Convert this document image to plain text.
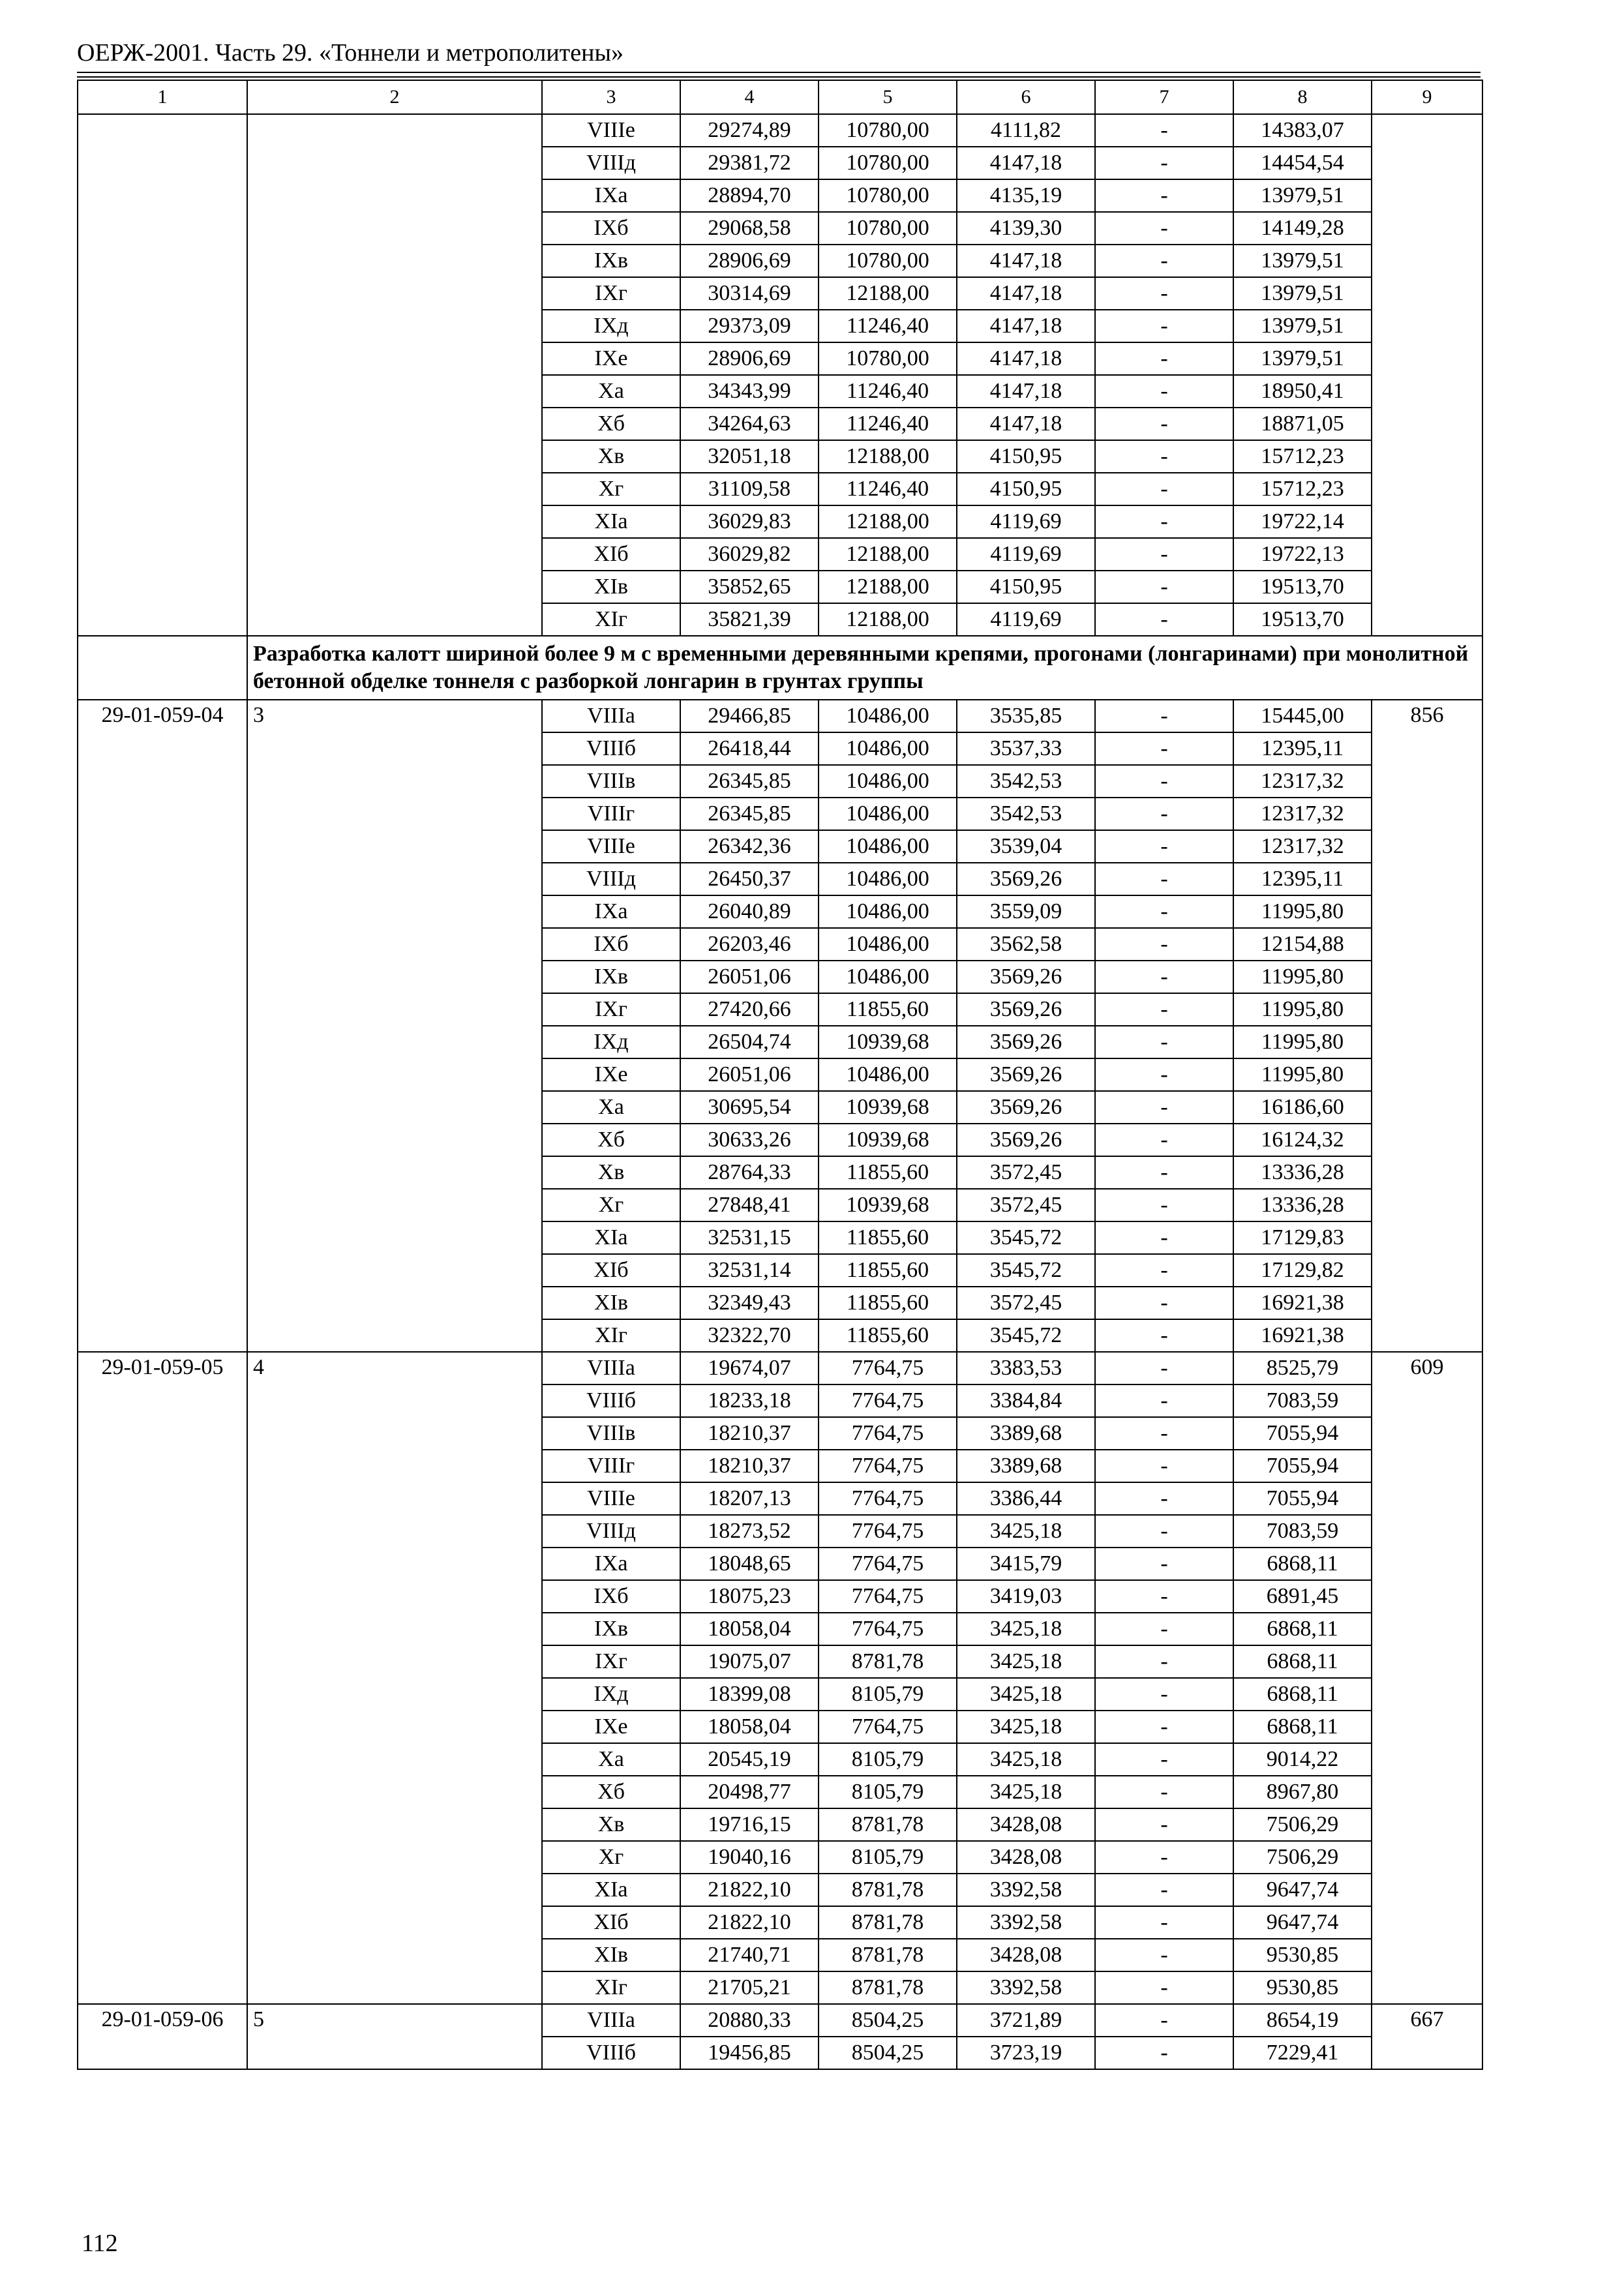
ОЕРЖ-2001. Часть 29. «Тоннели и метрополитены»
1	2	3	4	5	6	7	8	9
		VIIIе	29274,89	10780,00	4111,82	-	14383,07	
		VIIIд	29381,72	10780,00	4147,18	-	14454,54	
		IXа	28894,70	10780,00	4135,19	-	13979,51	
		IXб	29068,58	10780,00	4139,30	-	14149,28	
		IXв	28906,69	10780,00	4147,18	-	13979,51	
		IXг	30314,69	12188,00	4147,18	-	13979,51	
		IXд	29373,09	11246,40	4147,18	-	13979,51	
		IXе	28906,69	10780,00	4147,18	-	13979,51	
		Xа	34343,99	11246,40	4147,18	-	18950,41	
		Xб	34264,63	11246,40	4147,18	-	18871,05	
		Xв	32051,18	12188,00	4150,95	-	15712,23	
		Xг	31109,58	11246,40	4150,95	-	15712,23	
		XIа	36029,83	12188,00	4119,69	-	19722,14	
		XIб	36029,82	12188,00	4119,69	-	19722,13	
		XIв	35852,65	12188,00	4150,95	-	19513,70	
		XIг	35821,39	12188,00	4119,69	-	19513,70	
	Разработка калотт шириной более 9 м с временными деревянными крепями, прогонами (лонгаринами) при монолитной бетонной обделке тоннеля с разборкой лонгарин в грунтах группы							
29-01-059-04	3	VIIIа	29466,85	10486,00	3535,85	-	15445,00	856
		VIIIб	26418,44	10486,00	3537,33	-	12395,11	
		VIIIв	26345,85	10486,00	3542,53	-	12317,32	
		VIIIг	26345,85	10486,00	3542,53	-	12317,32	
		VIIIе	26342,36	10486,00	3539,04	-	12317,32	
		VIIIд	26450,37	10486,00	3569,26	-	12395,11	
		IXа	26040,89	10486,00	3559,09	-	11995,80	
		IXб	26203,46	10486,00	3562,58	-	12154,88	
		IXв	26051,06	10486,00	3569,26	-	11995,80	
		IXг	27420,66	11855,60	3569,26	-	11995,80	
		IXд	26504,74	10939,68	3569,26	-	11995,80	
		IXе	26051,06	10486,00	3569,26	-	11995,80	
		Xа	30695,54	10939,68	3569,26	-	16186,60	
		Xб	30633,26	10939,68	3569,26	-	16124,32	
		Xв	28764,33	11855,60	3572,45	-	13336,28	
		Xг	27848,41	10939,68	3572,45	-	13336,28	
		XIа	32531,15	11855,60	3545,72	-	17129,83	
		XIб	32531,14	11855,60	3545,72	-	17129,82	
		XIв	32349,43	11855,60	3572,45	-	16921,38	
		XIг	32322,70	11855,60	3545,72	-	16921,38	
29-01-059-05	4	VIIIа	19674,07	7764,75	3383,53	-	8525,79	609
		VIIIб	18233,18	7764,75	3384,84	-	7083,59	
		VIIIв	18210,37	7764,75	3389,68	-	7055,94	
		VIIIг	18210,37	7764,75	3389,68	-	7055,94	
		VIIIе	18207,13	7764,75	3386,44	-	7055,94	
		VIIIд	18273,52	7764,75	3425,18	-	7083,59	
		IXа	18048,65	7764,75	3415,79	-	6868,11	
		IXб	18075,23	7764,75	3419,03	-	6891,45	
		IXв	18058,04	7764,75	3425,18	-	6868,11	
		IXг	19075,07	8781,78	3425,18	-	6868,11	
		IXд	18399,08	8105,79	3425,18	-	6868,11	
		IXе	18058,04	7764,75	3425,18	-	6868,11	
		Xа	20545,19	8105,79	3425,18	-	9014,22	
		Xб	20498,77	8105,79	3425,18	-	8967,80	
		Xв	19716,15	8781,78	3428,08	-	7506,29	
		Xг	19040,16	8105,79	3428,08	-	7506,29	
		XIа	21822,10	8781,78	3392,58	-	9647,74	
		XIб	21822,10	8781,78	3392,58	-	9647,74	
		XIв	21740,71	8781,78	3428,08	-	9530,85	
		XIг	21705,21	8781,78	3392,58	-	9530,85	
29-01-059-06	5	VIIIа	20880,33	8504,25	3721,89	-	8654,19	667
		VIIIб	19456,85	8504,25	3723,19	-	7229,41	
112
